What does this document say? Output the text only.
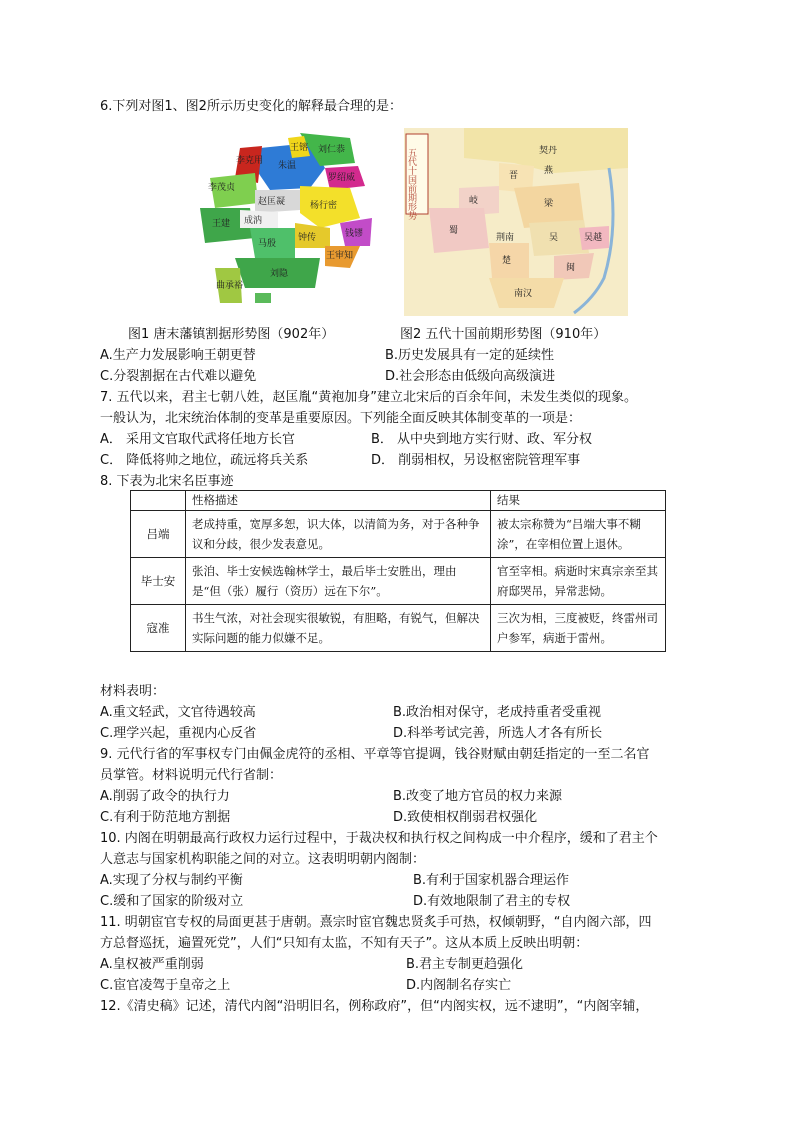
6.下列对图1、图2所示历史变化的解释最合理的是：
王建 成汭
马殷
刘隐
钟传
杨行密
钱镠
王审知
朱温
李克用
刘仁恭
王镕
罗绍威
李茂贞
赵匡凝
曲承裕
五代十国前期形势	契丹
晋
梁
岐
蜀
楚
吴	吴越
闽
南汉
荆南
燕
图1 唐末藩镇割据形势图（902年）	图2 五代十国前期形势图（910年）
A.生产力发展影响王朝更替	B.历史发展具有一定的延续性
C.分裂割据在古代难以避免	D.社会形态由低级向高级演进
7. 五代以来，君主七朝八姓，赵匡胤“黄袍加身”建立北宋后的百余年间，未发生类似的现象。
一般认为，北宋统治体制的变革是重要原因。下列能全面反映其体制变革的一项是：
A． 采用文官取代武将任地方长官	B． 从中央到地方实行财、政、军分权
C． 降低将帅之地位，疏远将兵关系	D． 削弱相权，另设枢密院管理军事
8. 下表为北宋名臣事迹
	性格描述	结果
吕端	老成持重，宽厚多恕，识大体，以清简为务，对于各种争议和分歧，很少发表意见。	被太宗称赞为“吕端大事不糊涂”，在宰相位置上退休。
毕士安	张洎、毕士安候选翰林学士，最后毕士安胜出，理由是“但（张）履行（资历）远在下尔”。	官至宰相。病逝时宋真宗亲至其府邸哭吊，异常悲恸。
寇准	书生气浓，对社会现实很敏锐，有胆略，有锐气，但解决实际问题的能力似嫌不足。	三次为相，三度被贬，终雷州司户参军，病逝于雷州。
材料表明：
A.重文轻武，文官待遇较高	B.政治相对保守，老成持重者受重视
C.理学兴起，重视内心反省	D.科举考试完善，所选人才各有所长
9. 元代行省的军事权专门由佩金虎符的丞相、平章等官提调，钱谷财赋由朝廷指定的一至二名官
员掌管。材料说明元代行省制：
A.削弱了政令的执行力	B.改变了地方官员的权力来源
C.有利于防范地方割据	D.致使相权削弱君权强化
10. 内阁在明朝最高行政权力运行过程中，于裁决权和执行权之间构成一中介程序，缓和了君主个
人意志与国家机构职能之间的对立。这表明明朝内阁制：
A.实现了分权与制约平衡	B.有利于国家机器合理运作
C.缓和了国家的阶级对立	D.有效地限制了君主的专权
11. 明朝宦官专权的局面更甚于唐朝。熹宗时宦官魏忠贤炙手可热，权倾朝野，“自内阁六部，四
方总督巡抚，遍置死党”，人们“只知有太监，不知有天子”。这从本质上反映出明朝：
A.皇权被严重削弱	B.君主专制更趋强化
C.宦官凌驾于皇帝之上	D.内阁制名存实亡
12.《清史稿》记述，清代内阁“沿明旧名，例称政府”，但“内阁实权，远不逮明”，“内阁宰辅，
